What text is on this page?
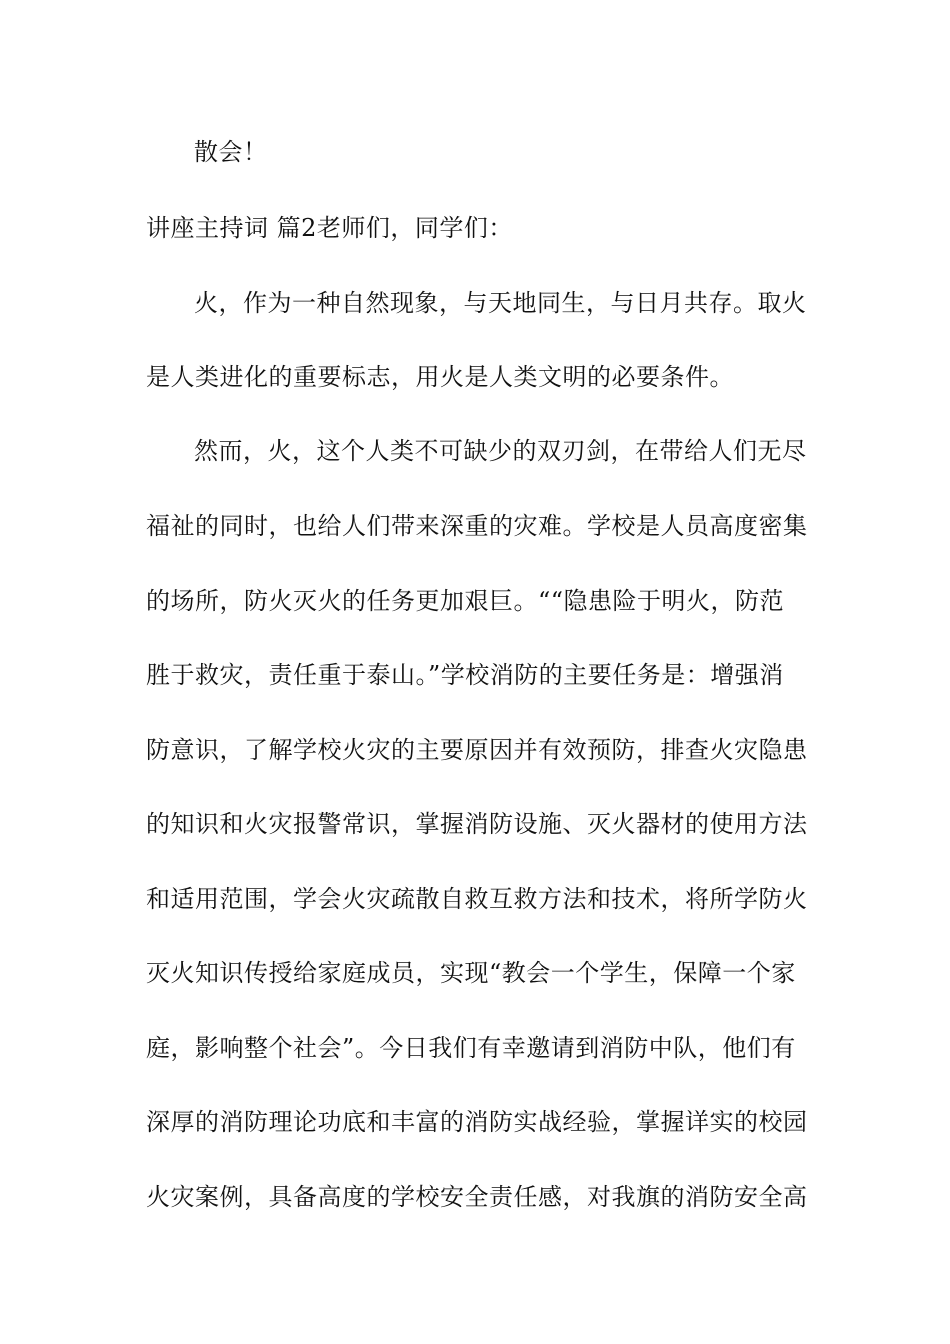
散会！
讲座主持词 篇2老师们，同学们：
火，作为一种自然现象，与天地同生，与日月共存。取火
是人类进化的重要标志，用火是人类文明的必要条件。
然而，火，这个人类不可缺少的双刃剑，在带给人们无尽
福祉的同时，也给人们带来深重的灾难。学校是人员高度密集
的场所，防火灭火的任务更加艰巨。““隐患险于明火，防范
胜于救灾，责任重于泰山。”学校消防的主要任务是：增强消
防意识，了解学校火灾的主要原因并有效预防，排查火灾隐患
的知识和火灾报警常识，掌握消防设施、灭火器材的使用方法
和适用范围，学会火灾疏散自救互救方法和技术，将所学防火
灭火知识传授给家庭成员，实现“教会一个学生，保障一个家
庭，影响整个社会”。今日我们有幸邀请到消防中队，他们有
深厚的消防理论功底和丰富的消防实战经验，掌握详实的校园
火灾案例，具备高度的学校安全责任感，对我旗的消防安全高
